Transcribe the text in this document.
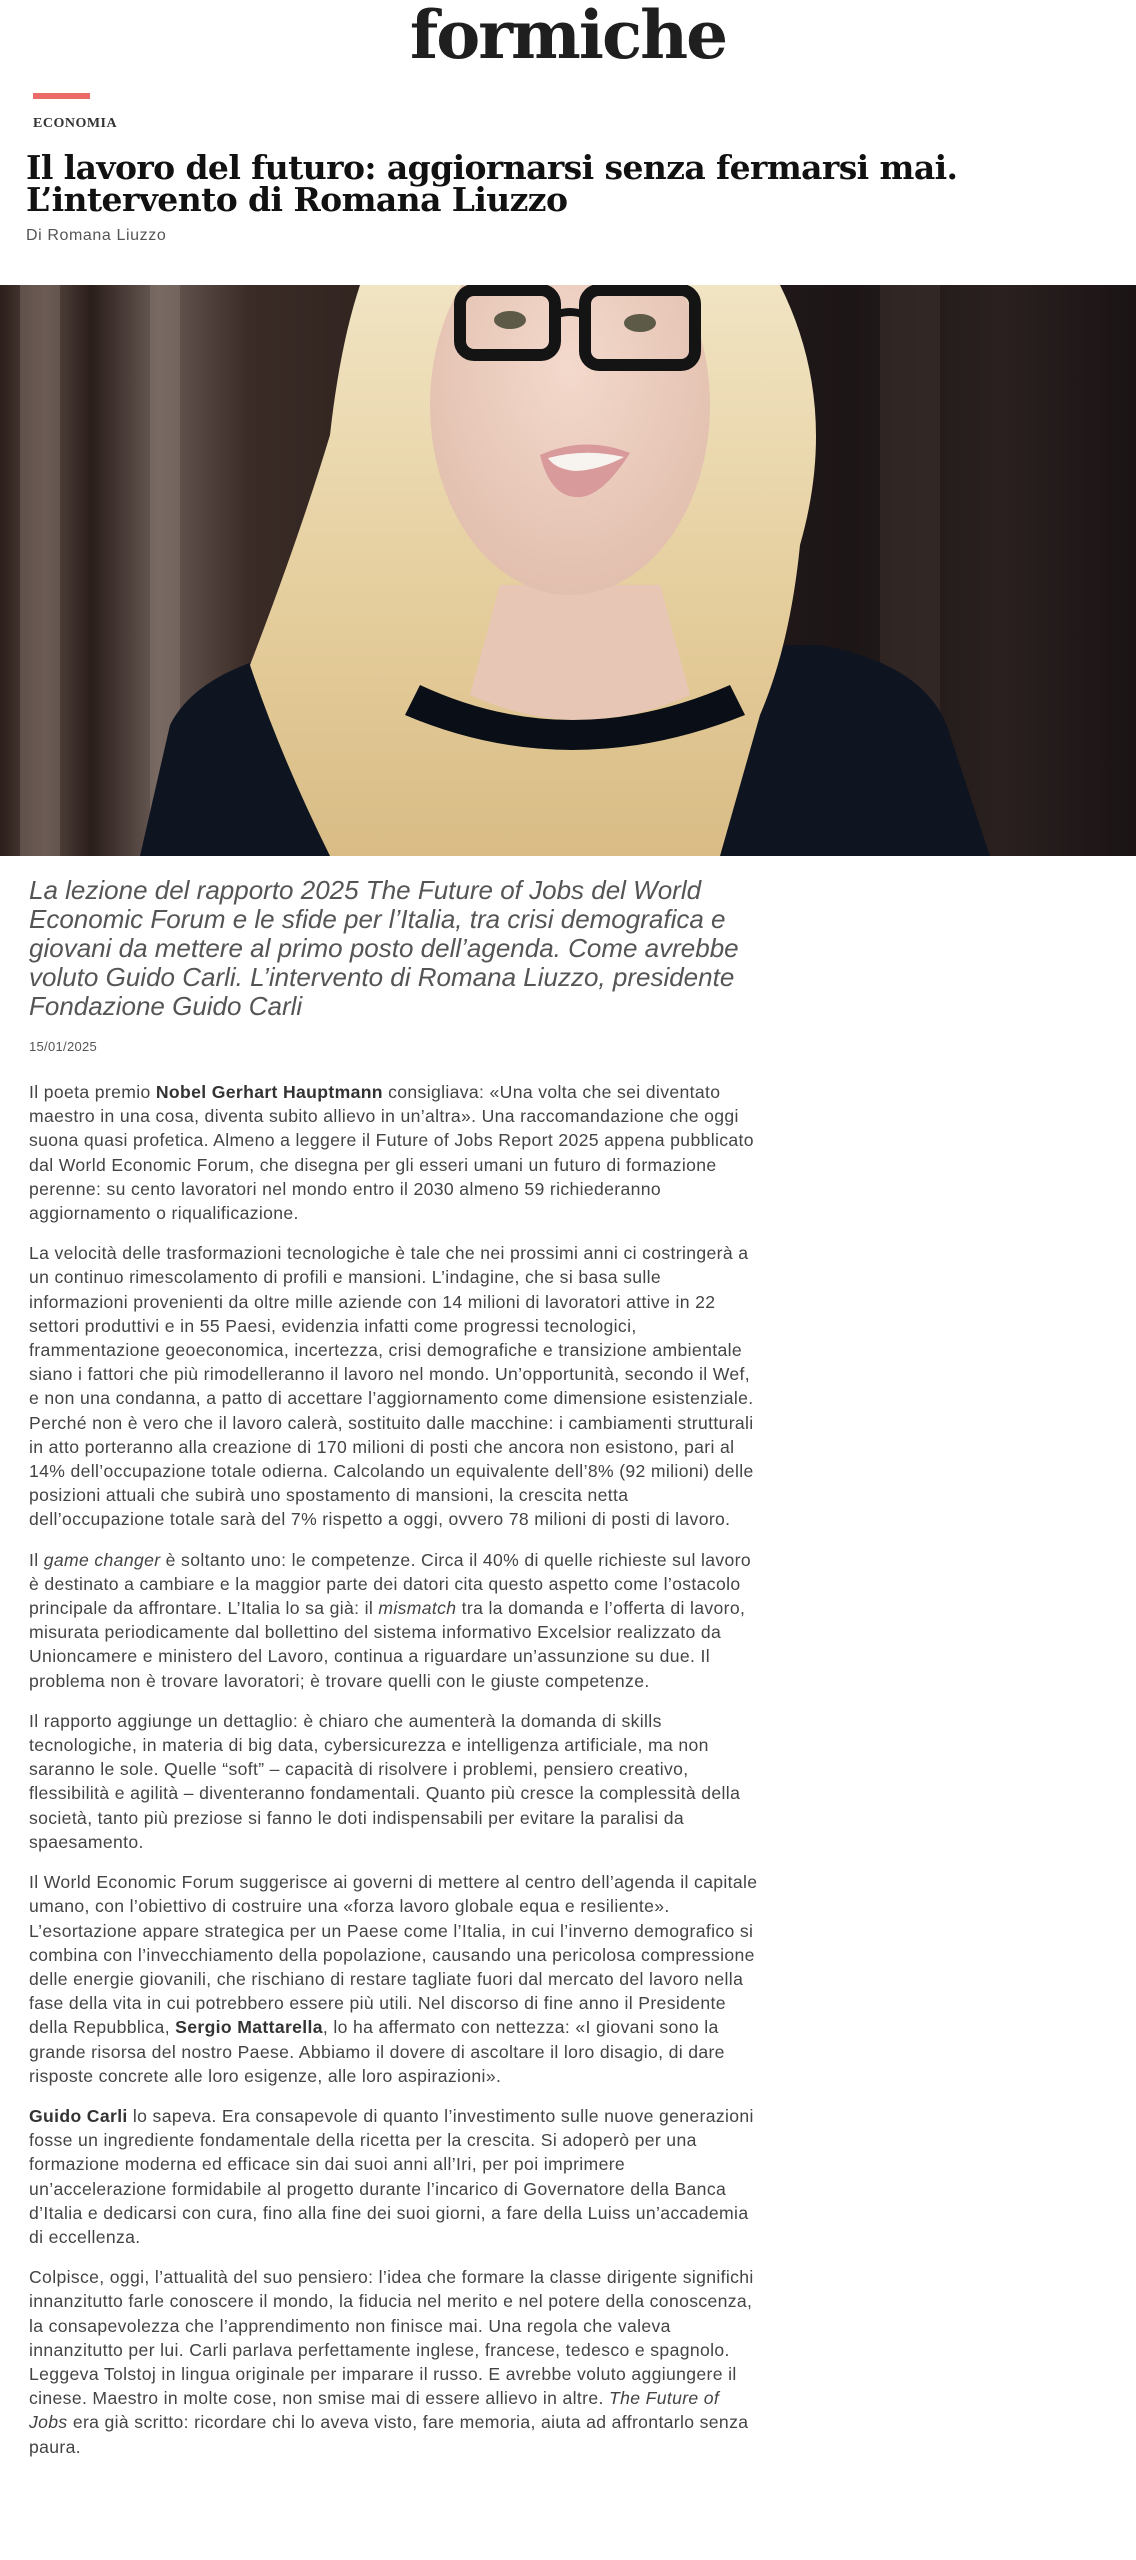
formiche
ECONOMIA
Il lavoro del futuro: aggiornarsi senza fermarsi mai. L’intervento di Romana Liuzzo
Di Romana Liuzzo

La lezione del rapporto 2025 The Future of Jobs del World Economic Forum e le sfide per l’Italia, tra crisi demografica e giovani da mettere al primo posto dell’agenda. Come avrebbe voluto Guido Carli. L’intervento di Romana Liuzzo, presidente Fondazione Guido Carli

15/01/2025

Il poeta premio Nobel Gerhart Hauptmann consigliava: «Una volta che sei diventato maestro in una cosa, diventa subito allievo in un’altra». Una raccomandazione che oggi suona quasi profetica. Almeno a leggere il Future of Jobs Report 2025 appena pubblicato dal World Economic Forum, che disegna per gli esseri umani un futuro di formazione perenne: su cento lavoratori nel mondo entro il 2030 almeno 59 richiederanno aggiornamento o riqualificazione.

La velocità delle trasformazioni tecnologiche è tale che nei prossimi anni ci costringerà a un continuo rimescolamento di profili e mansioni. L’indagine, che si basa sulle informazioni provenienti da oltre mille aziende con 14 milioni di lavoratori attive in 22 settori produttivi e in 55 Paesi, evidenzia infatti come progressi tecnologici, frammentazione geoeconomica, incertezza, crisi demografiche e transizione ambientale siano i fattori che più rimodelleranno il lavoro nel mondo. Un’opportunità, secondo il Wef, e non una condanna, a patto di accettare l’aggiornamento come dimensione esistenziale. Perché non è vero che il lavoro calerà, sostituito dalle macchine: i cambiamenti strutturali in atto porteranno alla creazione di 170 milioni di posti che ancora non esistono, pari al 14% dell’occupazione totale odierna. Calcolando un equivalente dell’8% (92 milioni) delle posizioni attuali che subirà uno spostamento di mansioni, la crescita netta dell’occupazione totale sarà del 7% rispetto a oggi, ovvero 78 milioni di posti di lavoro.

Il game changer è soltanto uno: le competenze. Circa il 40% di quelle richieste sul lavoro è destinato a cambiare e la maggior parte dei datori cita questo aspetto come l’ostacolo principale da affrontare. L’Italia lo sa già: il mismatch tra la domanda e l’offerta di lavoro, misurata periodicamente dal bollettino del sistema informativo Excelsior realizzato da Unioncamere e ministero del Lavoro, continua a riguardare un’assunzione su due. Il problema non è trovare lavoratori; è trovare quelli con le giuste competenze.

Il rapporto aggiunge un dettaglio: è chiaro che aumenterà la domanda di skills tecnologiche, in materia di big data, cybersicurezza e intelligenza artificiale, ma non saranno le sole. Quelle “soft” – capacità di risolvere i problemi, pensiero creativo, flessibilità e agilità – diventeranno fondamentali. Quanto più cresce la complessità della società, tanto più preziose si fanno le doti indispensabili per evitare la paralisi da spaesamento.

Il World Economic Forum suggerisce ai governi di mettere al centro dell’agenda il capitale umano, con l’obiettivo di costruire una «forza lavoro globale equa e resiliente». L’esortazione appare strategica per un Paese come l’Italia, in cui l’inverno demografico si combina con l’invecchiamento della popolazione, causando una pericolosa compressione delle energie giovanili, che rischiano di restare tagliate fuori dal mercato del lavoro nella fase della vita in cui potrebbero essere più utili. Nel discorso di fine anno il Presidente della Repubblica, Sergio Mattarella, lo ha affermato con nettezza: «I giovani sono la grande risorsa del nostro Paese. Abbiamo il dovere di ascoltare il loro disagio, di dare risposte concrete alle loro esigenze, alle loro aspirazioni».

Guido Carli lo sapeva. Era consapevole di quanto l’investimento sulle nuove generazioni fosse un ingrediente fondamentale della ricetta per la crescita. Si adoperò per una formazione moderna ed efficace sin dai suoi anni all’Iri, per poi imprimere un’accelerazione formidabile al progetto durante l’incarico di Governatore della Banca d’Italia e dedicarsi con cura, fino alla fine dei suoi giorni, a fare della Luiss un’accademia di eccellenza.

Colpisce, oggi, l’attualità del suo pensiero: l’idea che formare la classe dirigente significhi innanzitutto farle conoscere il mondo, la fiducia nel merito e nel potere della conoscenza, la consapevolezza che l’apprendimento non finisce mai. Una regola che valeva innanzitutto per lui. Carli parlava perfettamente inglese, francese, tedesco e spagnolo. Leggeva Tolstoj in lingua originale per imparare il russo. E avrebbe voluto aggiungere il cinese. Maestro in molte cose, non smise mai di essere allievo in altre. The Future of Jobs era già scritto: ricordare chi lo aveva visto, fare memoria, aiuta ad affrontarlo senza paura.
